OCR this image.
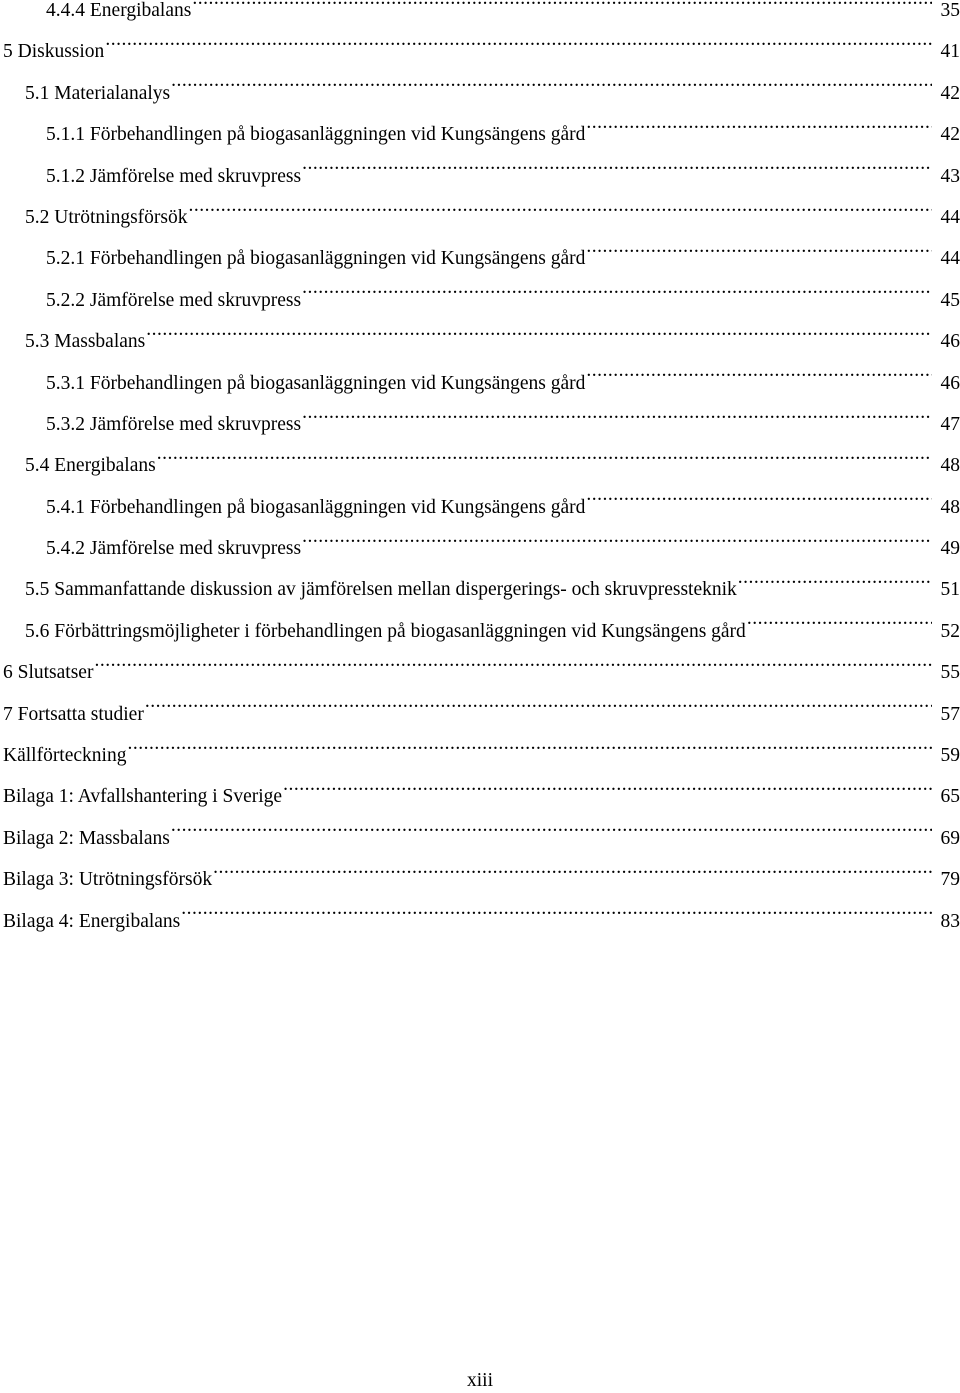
4.4.4 Energibalans .....	35
5 Diskussion .....	41
5.1 Materialanalys .....	42
5.1.1 Förbehandlingen på biogasanläggningen vid Kungsängens gård .....	42
5.1.2 Jämförelse med skruvpress .....	43
5.2 Utrötningsförsök .....	44
5.2.1 Förbehandlingen på biogasanläggningen vid Kungsängens gård .....	44
5.2.2 Jämförelse med skruvpress .....	45
5.3 Massbalans .....	46
5.3.1 Förbehandlingen på biogasanläggningen vid Kungsängens gård .....	46
5.3.2 Jämförelse med skruvpress .....	47
5.4 Energibalans .....	48
5.4.1 Förbehandlingen på biogasanläggningen vid Kungsängens gård .....	48
5.4.2 Jämförelse med skruvpress .....	49
5.5 Sammanfattande diskussion av jämförelsen mellan dispergerings- och skruvpressteknik .....	51
5.6 Förbättringsmöjligheter i förbehandlingen på biogasanläggningen vid Kungsängens gård .....	52
6 Slutsatser .....	55
7 Fortsatta studier .....	57
Källförteckning .....	59
Bilaga 1: Avfallshantering i Sverige .....	65
Bilaga 2: Massbalans .....	69
Bilaga 3: Utrötningsförsök .....	79
Bilaga 4: Energibalans .....	83
xiii
